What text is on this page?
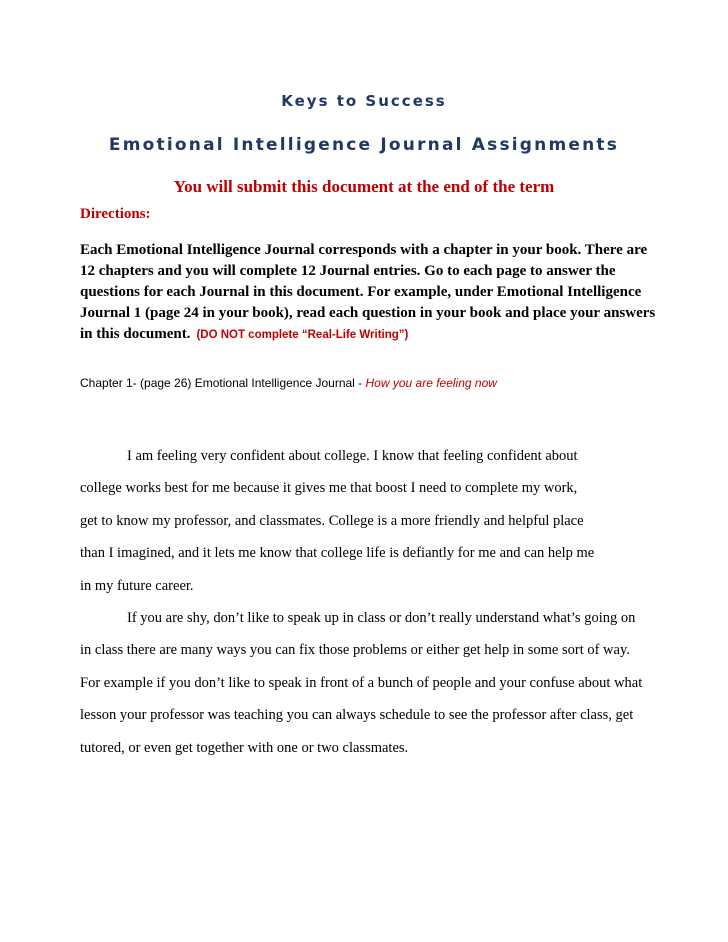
Keys to Success

Emotional Intelligence Journal Assignments

You will submit this document at the end of the term

Directions:

Each Emotional Intelligence Journal corresponds with a chapter in your book. There are
12 chapters and you will complete 12 Journal entries. Go to each page to answer the
questions for each Journal in this document. For example, under Emotional Intelligence
Journal 1 (page 24 in your book), read each question in your book and place your answers
in this document. (DO NOT complete “Real-Life Writing”)

Chapter 1- (page 26) Emotional Intelligence Journal - How you are feeling now

I am feeling very confident about college. I know that feeling confident about
college works best for me because it gives me that boost I need to complete my work,
get to know my professor, and classmates. College is a more friendly and helpful place
than I imagined, and it lets me know that college life is defiantly for me and can help me
in my future career.
If you are shy, don’t like to speak up in class or don’t really understand what’s going on
in class there are many ways you can fix those problems or either get help in some sort of way.
For example if you don’t like to speak in front of a bunch of people and your confuse about what
lesson your professor was teaching you can always schedule to see the professor after class, get
tutored, or even get together with one or two classmates.
